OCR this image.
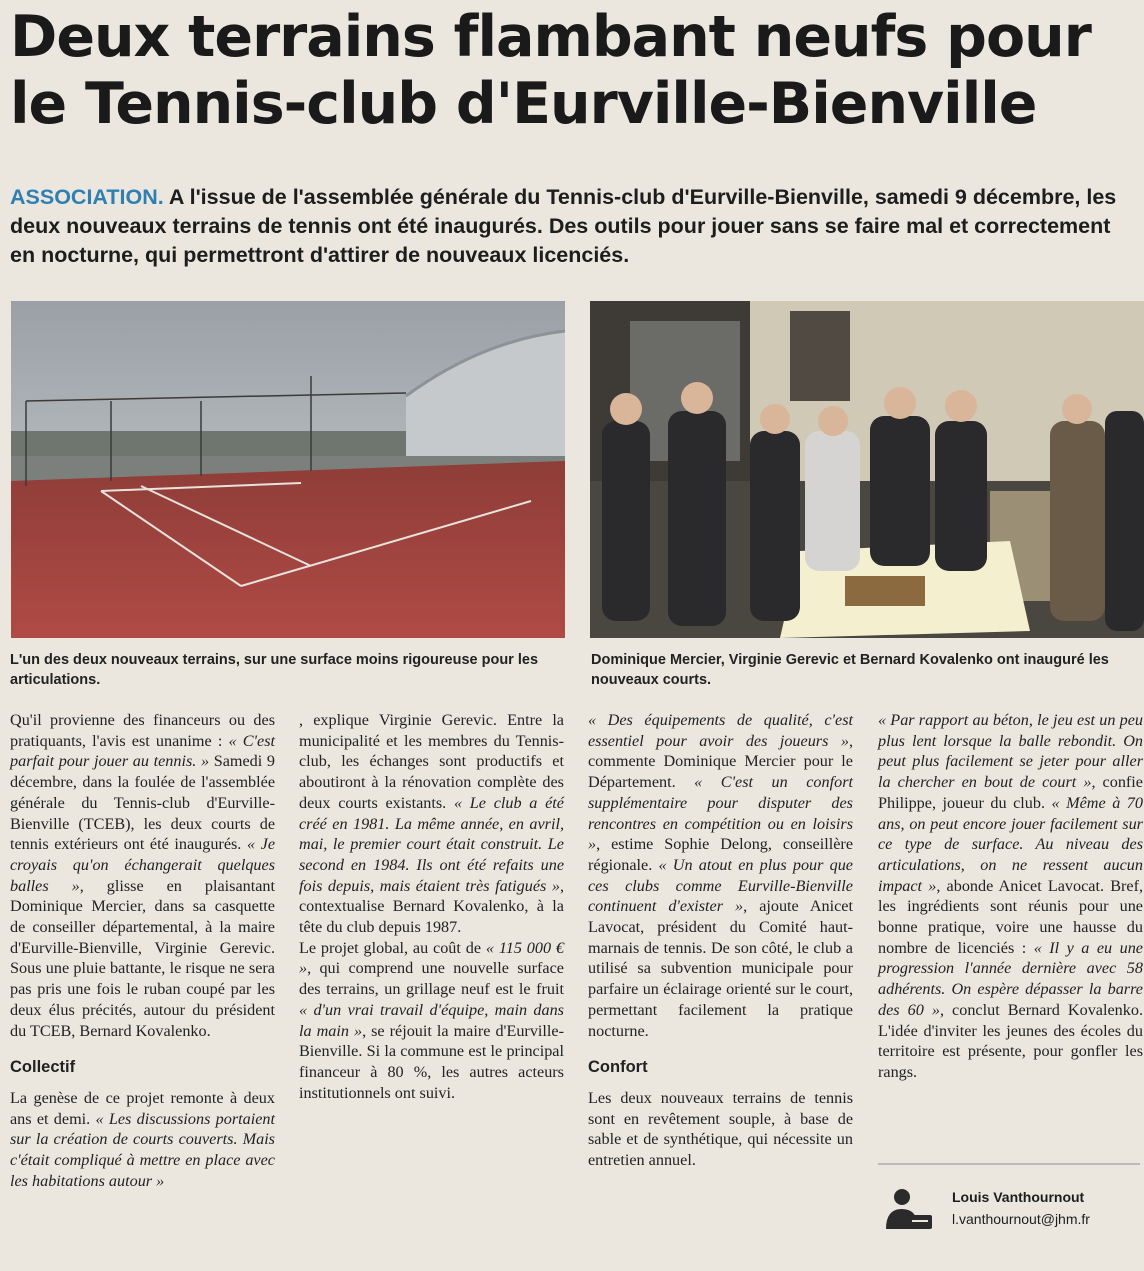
Deux terrains flambant neufs pour
le Tennis-club d'Eurville-Bienville
ASSOCIATION. A l'issue de l'assemblée générale du Tennis-club d'Eurville-Bienville, samedi 9 décembre, les deux nouveaux terrains de tennis ont été inaugurés. Des outils pour jouer sans se faire mal et correctement en nocturne, qui permettront d'attirer de nouveaux licenciés.
L'un des deux nouveaux terrains, sur une surface moins rigoureuse pour les articulations.
Dominique Mercier, Virginie Gerevic et Bernard Kovalenko ont inauguré les nouveaux courts.

Qu'il provienne des financeurs ou des pratiquants, l'avis est unanime : « C'est parfait pour jouer au tennis. » Samedi 9 décembre, dans la foulée de l'assemblée générale du Tennis-club d'Eurville-Bienville (TCEB), les deux courts de tennis extérieurs ont été inaugurés. « Je croyais qu'on échangerait quelques balles », glisse en plaisantant Dominique Mercier, dans sa casquette de conseiller départemental, à la maire d'Eurville-Bienville, Virginie Gerevic. Sous une pluie battante, le risque ne sera pas pris une fois le ruban coupé par les deux élus précités, autour du président du TCEB, Bernard Kovalenko.

Collectif

La genèse de ce projet remonte à deux ans et demi. « Les discussions portaient sur la création de courts couverts. Mais c'était compliqué à mettre en place avec les habitations autour »

, explique Virginie Gerevic. Entre la municipalité et les membres du Tennis-club, les échanges sont productifs et aboutiront à la rénovation complète des deux courts existants. « Le club a été créé en 1981. La même année, en avril, mai, le premier court était construit. Le second en 1984. Ils ont été refaits une fois depuis, mais étaient très fatigués », contextualise Bernard Kovalenko, à la tête du club depuis 1987.

Le projet global, au coût de « 115 000 € », qui comprend une nouvelle surface des terrains, un grillage neuf est le fruit « d'un vrai travail d'équipe, main dans la main », se réjouit la maire d'Eurville-Bienville. Si la commune est le principal financeur à 80 %, les autres acteurs institutionnels ont suivi.

« Des équipements de qualité, c'est essentiel pour avoir des joueurs », commente Dominique Mercier pour le Département. « C'est un confort supplémentaire pour disputer des rencontres en compétition ou en loisirs », estime Sophie Delong, conseillère régionale. « Un atout en plus pour que ces clubs comme Eurville-Bienville continuent d'exister », ajoute Anicet Lavocat, président du Comité haut-marnais de tennis. De son côté, le club a utilisé sa subvention municipale pour parfaire un éclairage orienté sur le court, permettant facilement la pratique nocturne.

Confort

Les deux nouveaux terrains de tennis sont en revêtement souple, à base de sable et de synthétique, qui nécessite un entretien annuel.

« Par rapport au béton, le jeu est un peu plus lent lorsque la balle rebondit. On peut plus facilement se jeter pour aller la chercher en bout de court », confie Philippe, joueur du club. « Même à 70 ans, on peut encore jouer facilement sur ce type de surface. Au niveau des articulations, on ne ressent aucun impact », abonde Anicet Lavocat. Bref, les ingrédients sont réunis pour une bonne pratique, voire une hausse du nombre de licenciés : « Il y a eu une progression l'année dernière avec 58 adhérents. On espère dépasser la barre des 60 », conclut Bernard Kovalenko. L'idée d'inviter les jeunes des écoles du territoire est présente, pour gonfler les rangs.

Louis Vanthournout
l.vanthournout@jhm.fr
